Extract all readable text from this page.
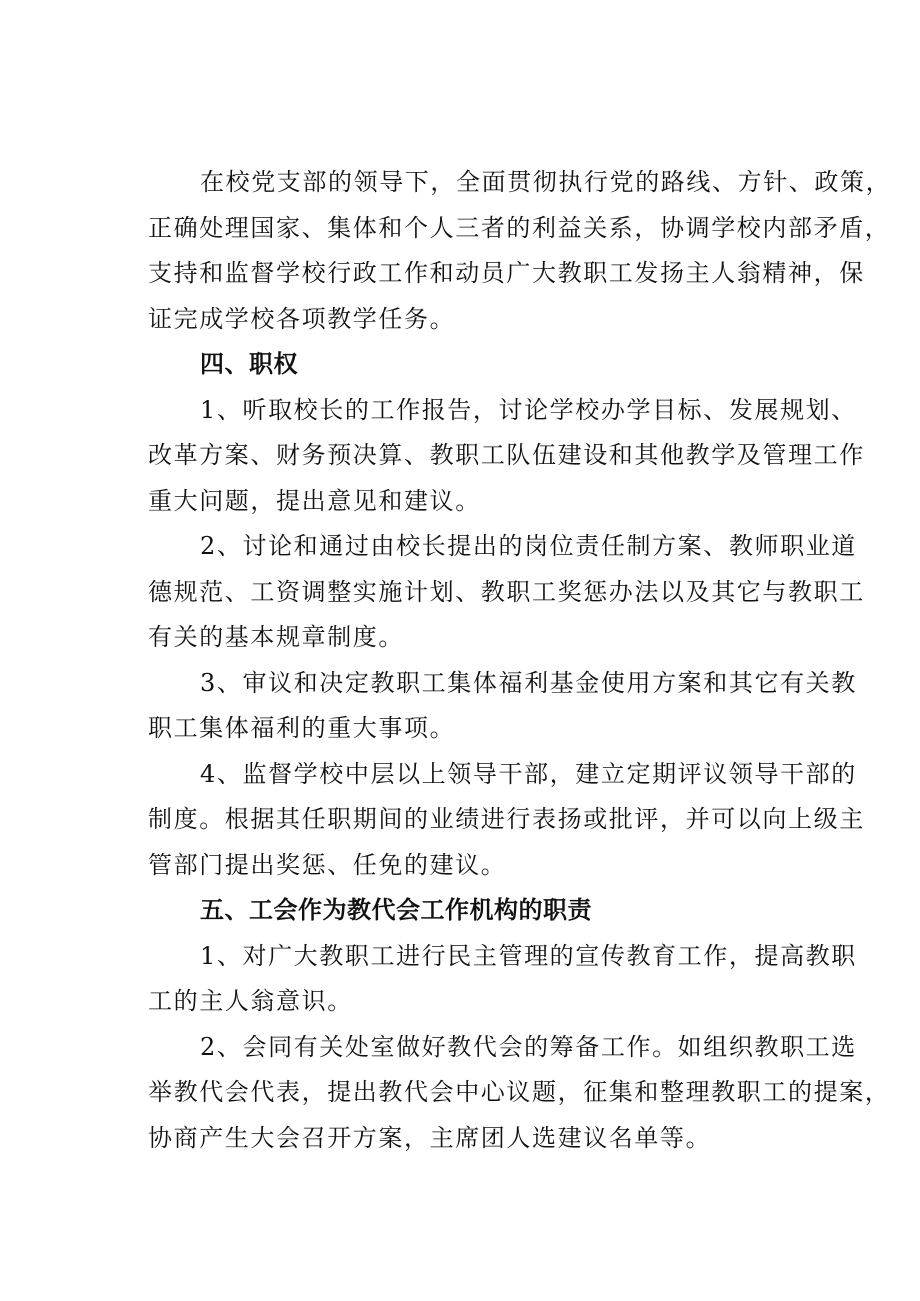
在校党支部的领导下，全面贯彻执行党的路线、方针、政策，
正确处理国家、集体和个人三者的利益关系，协调学校内部矛盾，
支持和监督学校行政工作和动员广大教职工发扬主人翁精神，保
证完成学校各项教学任务。
四、职权
1、听取校长的工作报告，讨论学校办学目标、发展规划、
改革方案、财务预决算、教职工队伍建设和其他教学及管理工作
重大问题，提出意见和建议。
2、讨论和通过由校长提出的岗位责任制方案、教师职业道
德规范、工资调整实施计划、教职工奖惩办法以及其它与教职工
有关的基本规章制度。
3、审议和决定教职工集体福利基金使用方案和其它有关教
职工集体福利的重大事项。
4、监督学校中层以上领导干部，建立定期评议领导干部的
制度。根据其任职期间的业绩进行表扬或批评，并可以向上级主
管部门提出奖惩、任免的建议。
五、工会作为教代会工作机构的职责
1、对广大教职工进行民主管理的宣传教育工作，提高教职
工的主人翁意识。
2、会同有关处室做好教代会的筹备工作。如组织教职工选
举教代会代表，提出教代会中心议题，征集和整理教职工的提案，
协商产生大会召开方案，主席团人选建议名单等。
